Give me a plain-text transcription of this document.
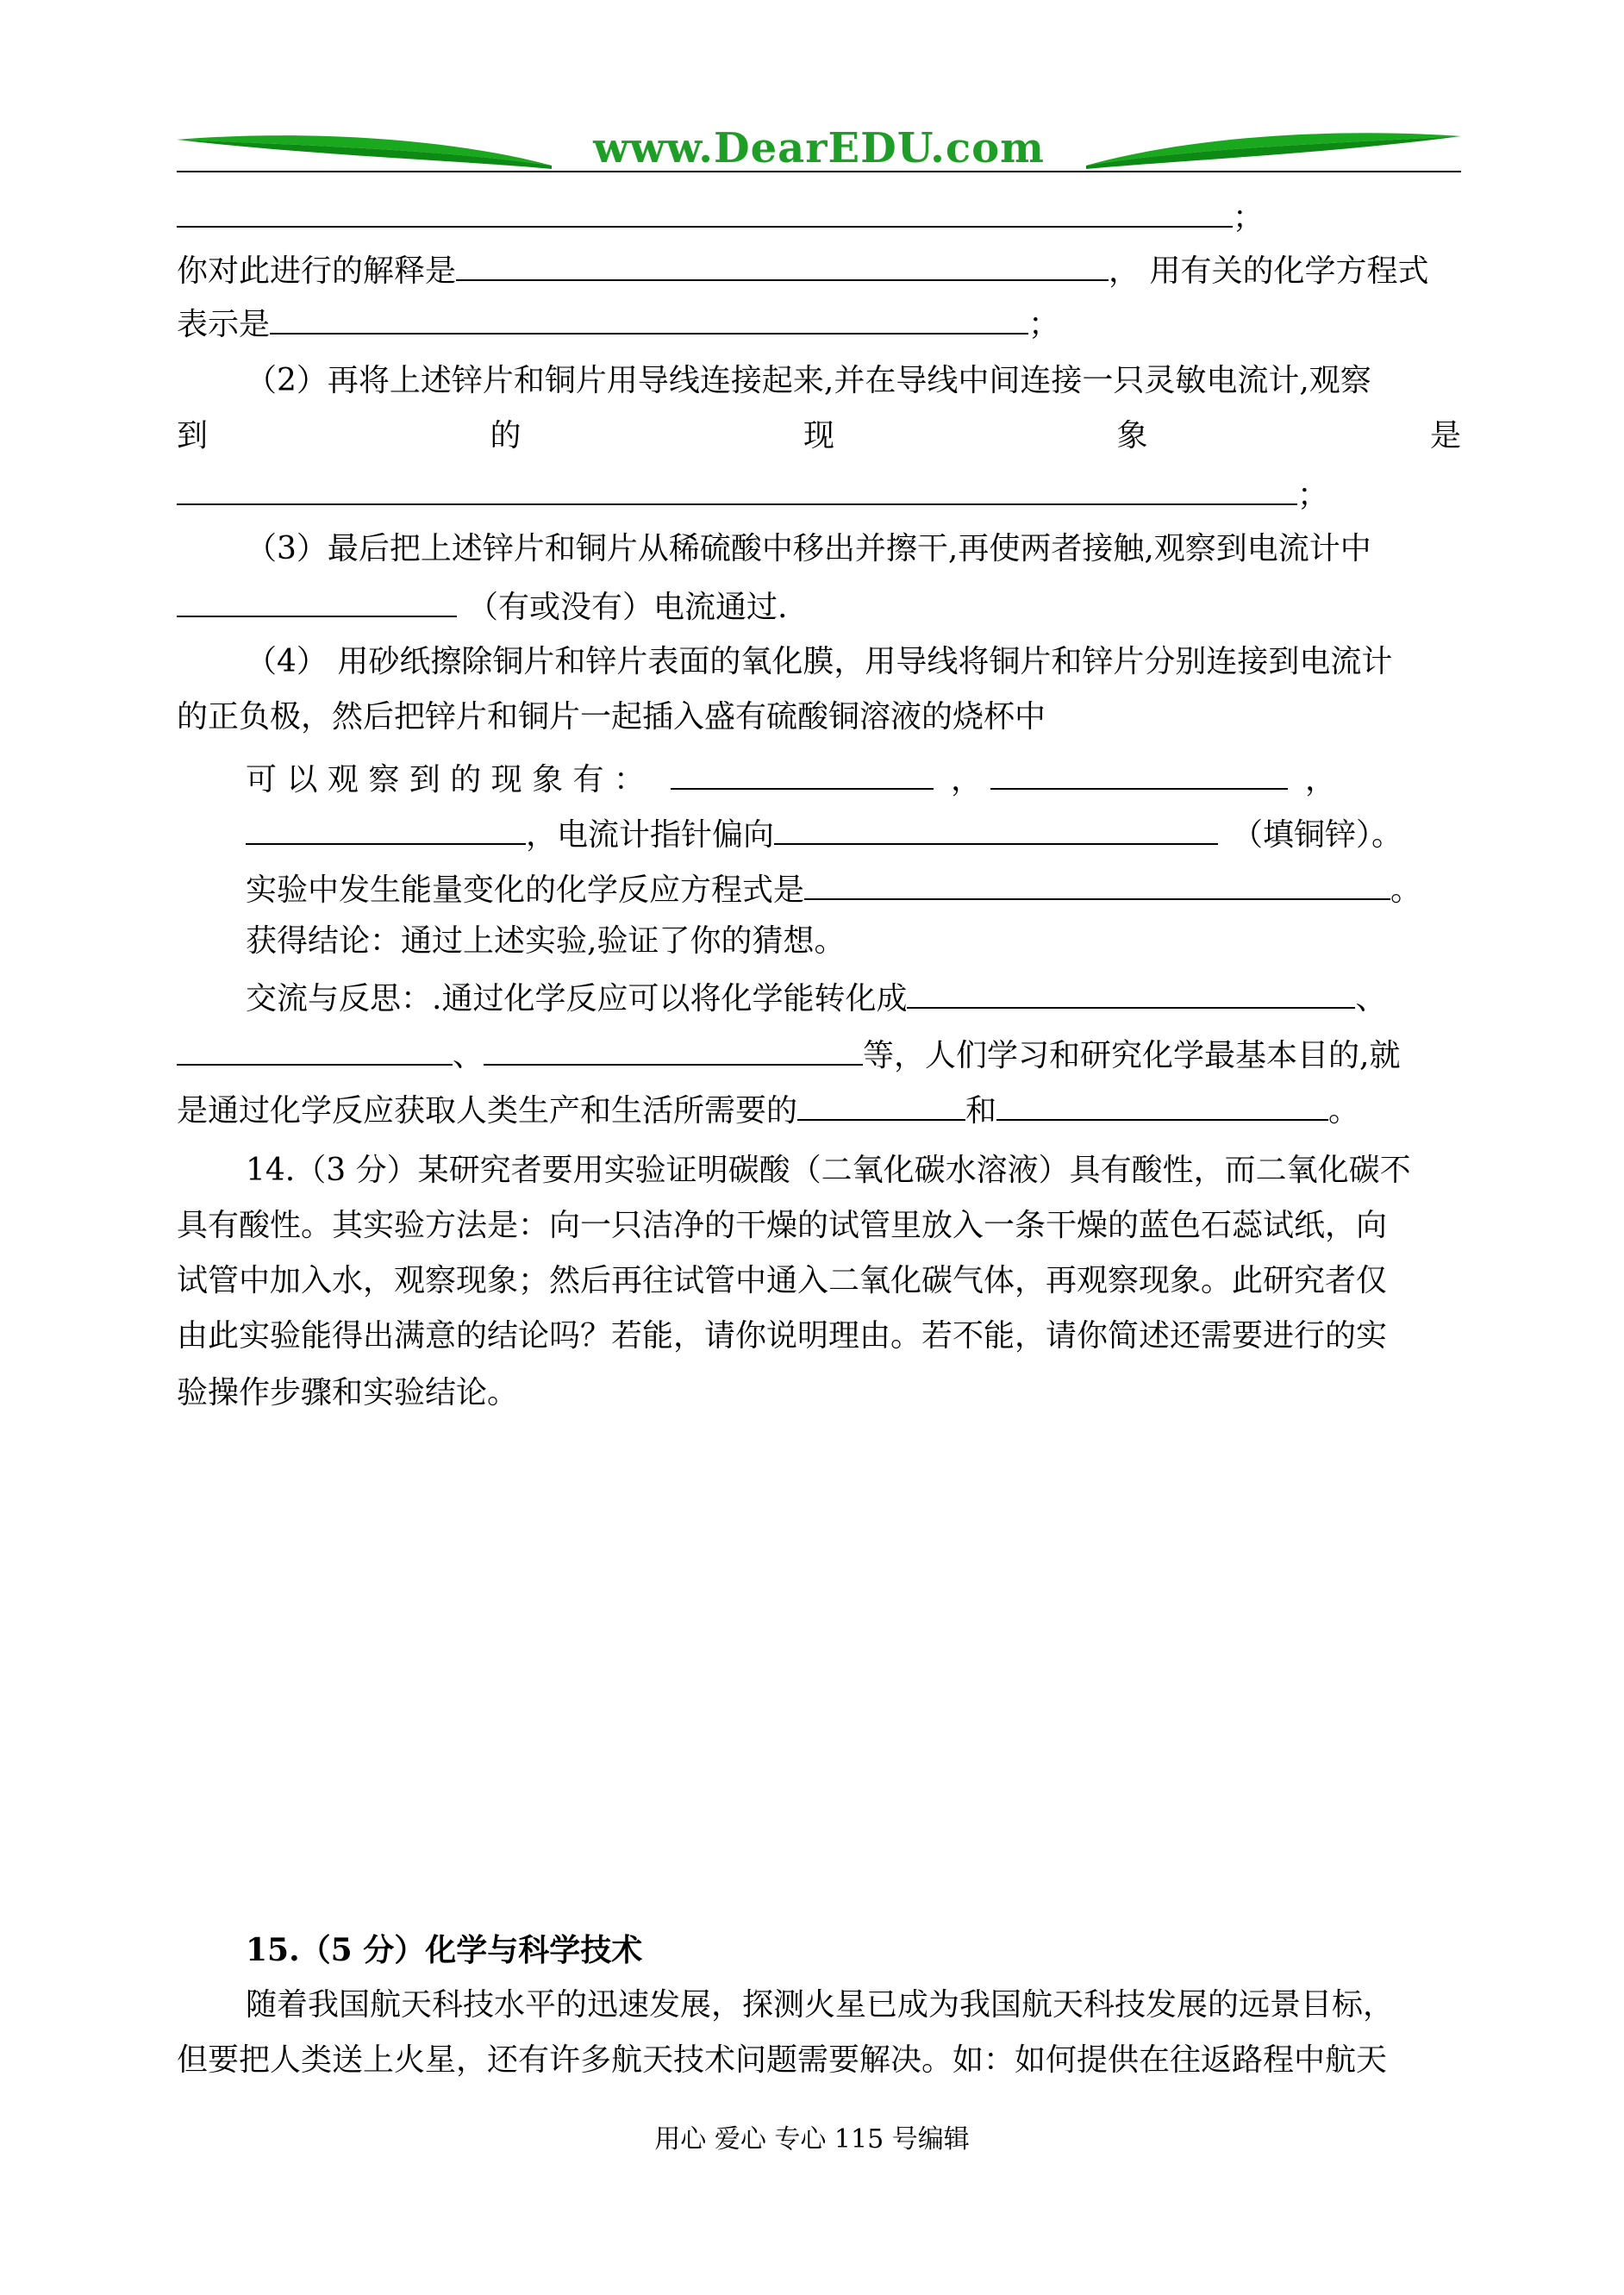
www.DearEDU.com
；
你对此进行的解释是	， 用有关的化学方程式
表示是	；
（2）再将上述锌片和铜片用导线连接起来,并在导线中间连接一只灵敏电流计,观察
到	的	现	象	是
；
（3）最后把上述锌片和铜片从稀硫酸中移出并擦干,再使两者接触,观察到电流计中
（有或没有）电流通过.
（4） 用砂纸擦除铜片和锌片表面的氧化膜，用导线将铜片和锌片分别连接到电流计
的正负极，然后把锌片和铜片一起插入盛有硫酸铜溶液的烧杯中
可 以 观 察 到 的 现 象 有 ：	，	，
，电流计指针偏向	（填铜锌）。
实验中发生能量变化的化学反应方程式是	。
获得结论：通过上述实验,验证了你的猜想。
交流与反思：.通过化学反应可以将化学能转化成	、
、	等，人们学习和研究化学最基本目的,就
是通过化学反应获取人类生产和生活所需要的	和	。
14.（3 分）某研究者要用实验证明碳酸（二氧化碳水溶液）具有酸性，而二氧化碳不
具有酸性。其实验方法是：向一只洁净的干燥的试管里放入一条干燥的蓝色石蕊试纸，向
试管中加入水，观察现象；然后再往试管中通入二氧化碳气体，再观察现象。此研究者仅
由此实验能得出满意的结论吗？若能，请你说明理由。若不能，请你简述还需要进行的实
验操作步骤和实验结论。
15.（5 分）化学与科学技术
随着我国航天科技水平的迅速发展，探测火星已成为我国航天科技发展的远景目标，
但要把人类送上火星，还有许多航天技术问题需要解决。如：如何提供在往返路程中航天
用心 爱心 专心 115 号编辑
